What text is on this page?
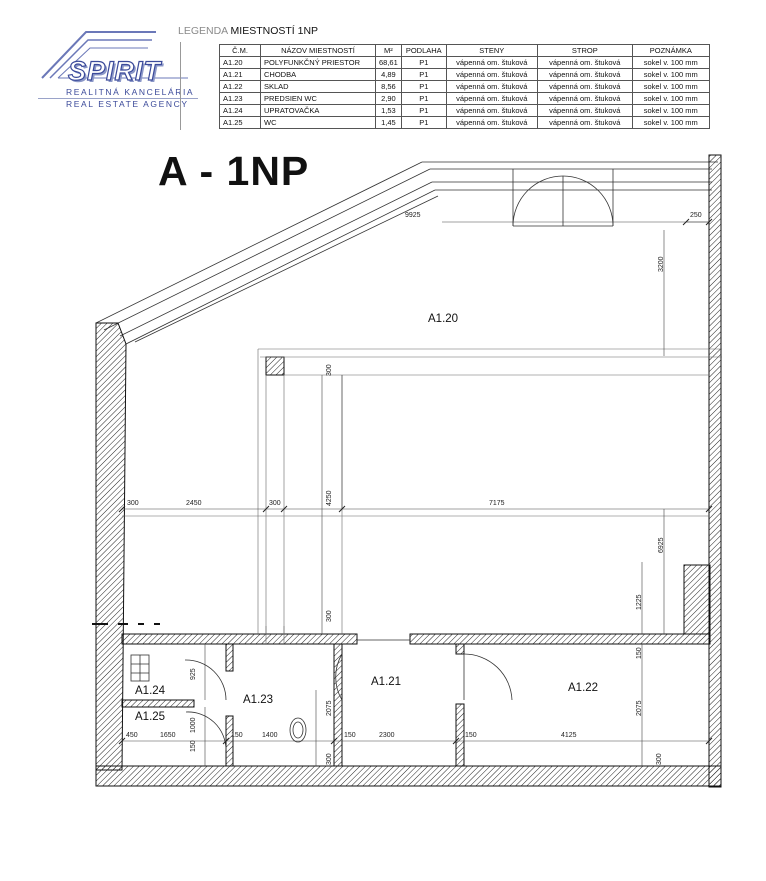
SPIRIT
REALITNÁ KANCELÁRIA
REAL ESTATE AGENCY
LEGENDA MIESTNOSTÍ 1NP
Č.M.	NÁZOV MIESTNOSTÍ	M²	PODLAHA	STENY	STROP	POZNÁMKA
A1.20	POLYFUNKČNÝ PRIESTOR	68,61	P1	vápenná om. štuková	vápenná om. štuková	sokel v. 100 mm
A1.21	CHODBA	4,89	P1	vápenná om. štuková	vápenná om. štuková	sokel v. 100 mm
A1.22	SKLAD	8,56	P1	vápenná om. štuková	vápenná om. štuková	sokel v. 100 mm
A1.23	PREDSIEN WC	2,90	P1	vápenná om. štuková	vápenná om. štuková	sokel v. 100 mm
A1.24	UPRATOVAČKA	1,53	P1	vápenná om. štuková	vápenná om. štuková	sokel v. 100 mm
A1.25	WC	1,45	P1	vápenná om. štuková	vápenná om. štuková	sokel v. 100 mm
A - 1NP
A1.20
A1.21	A1.22
A1.23
A1.24
A1.25
9925	250
3200
300
300	2450	300	4250	7175
6925
1225
300
150
925
1000
150
2075	2075
450	1650	150	1400	150	2300	150	4125
300	300
